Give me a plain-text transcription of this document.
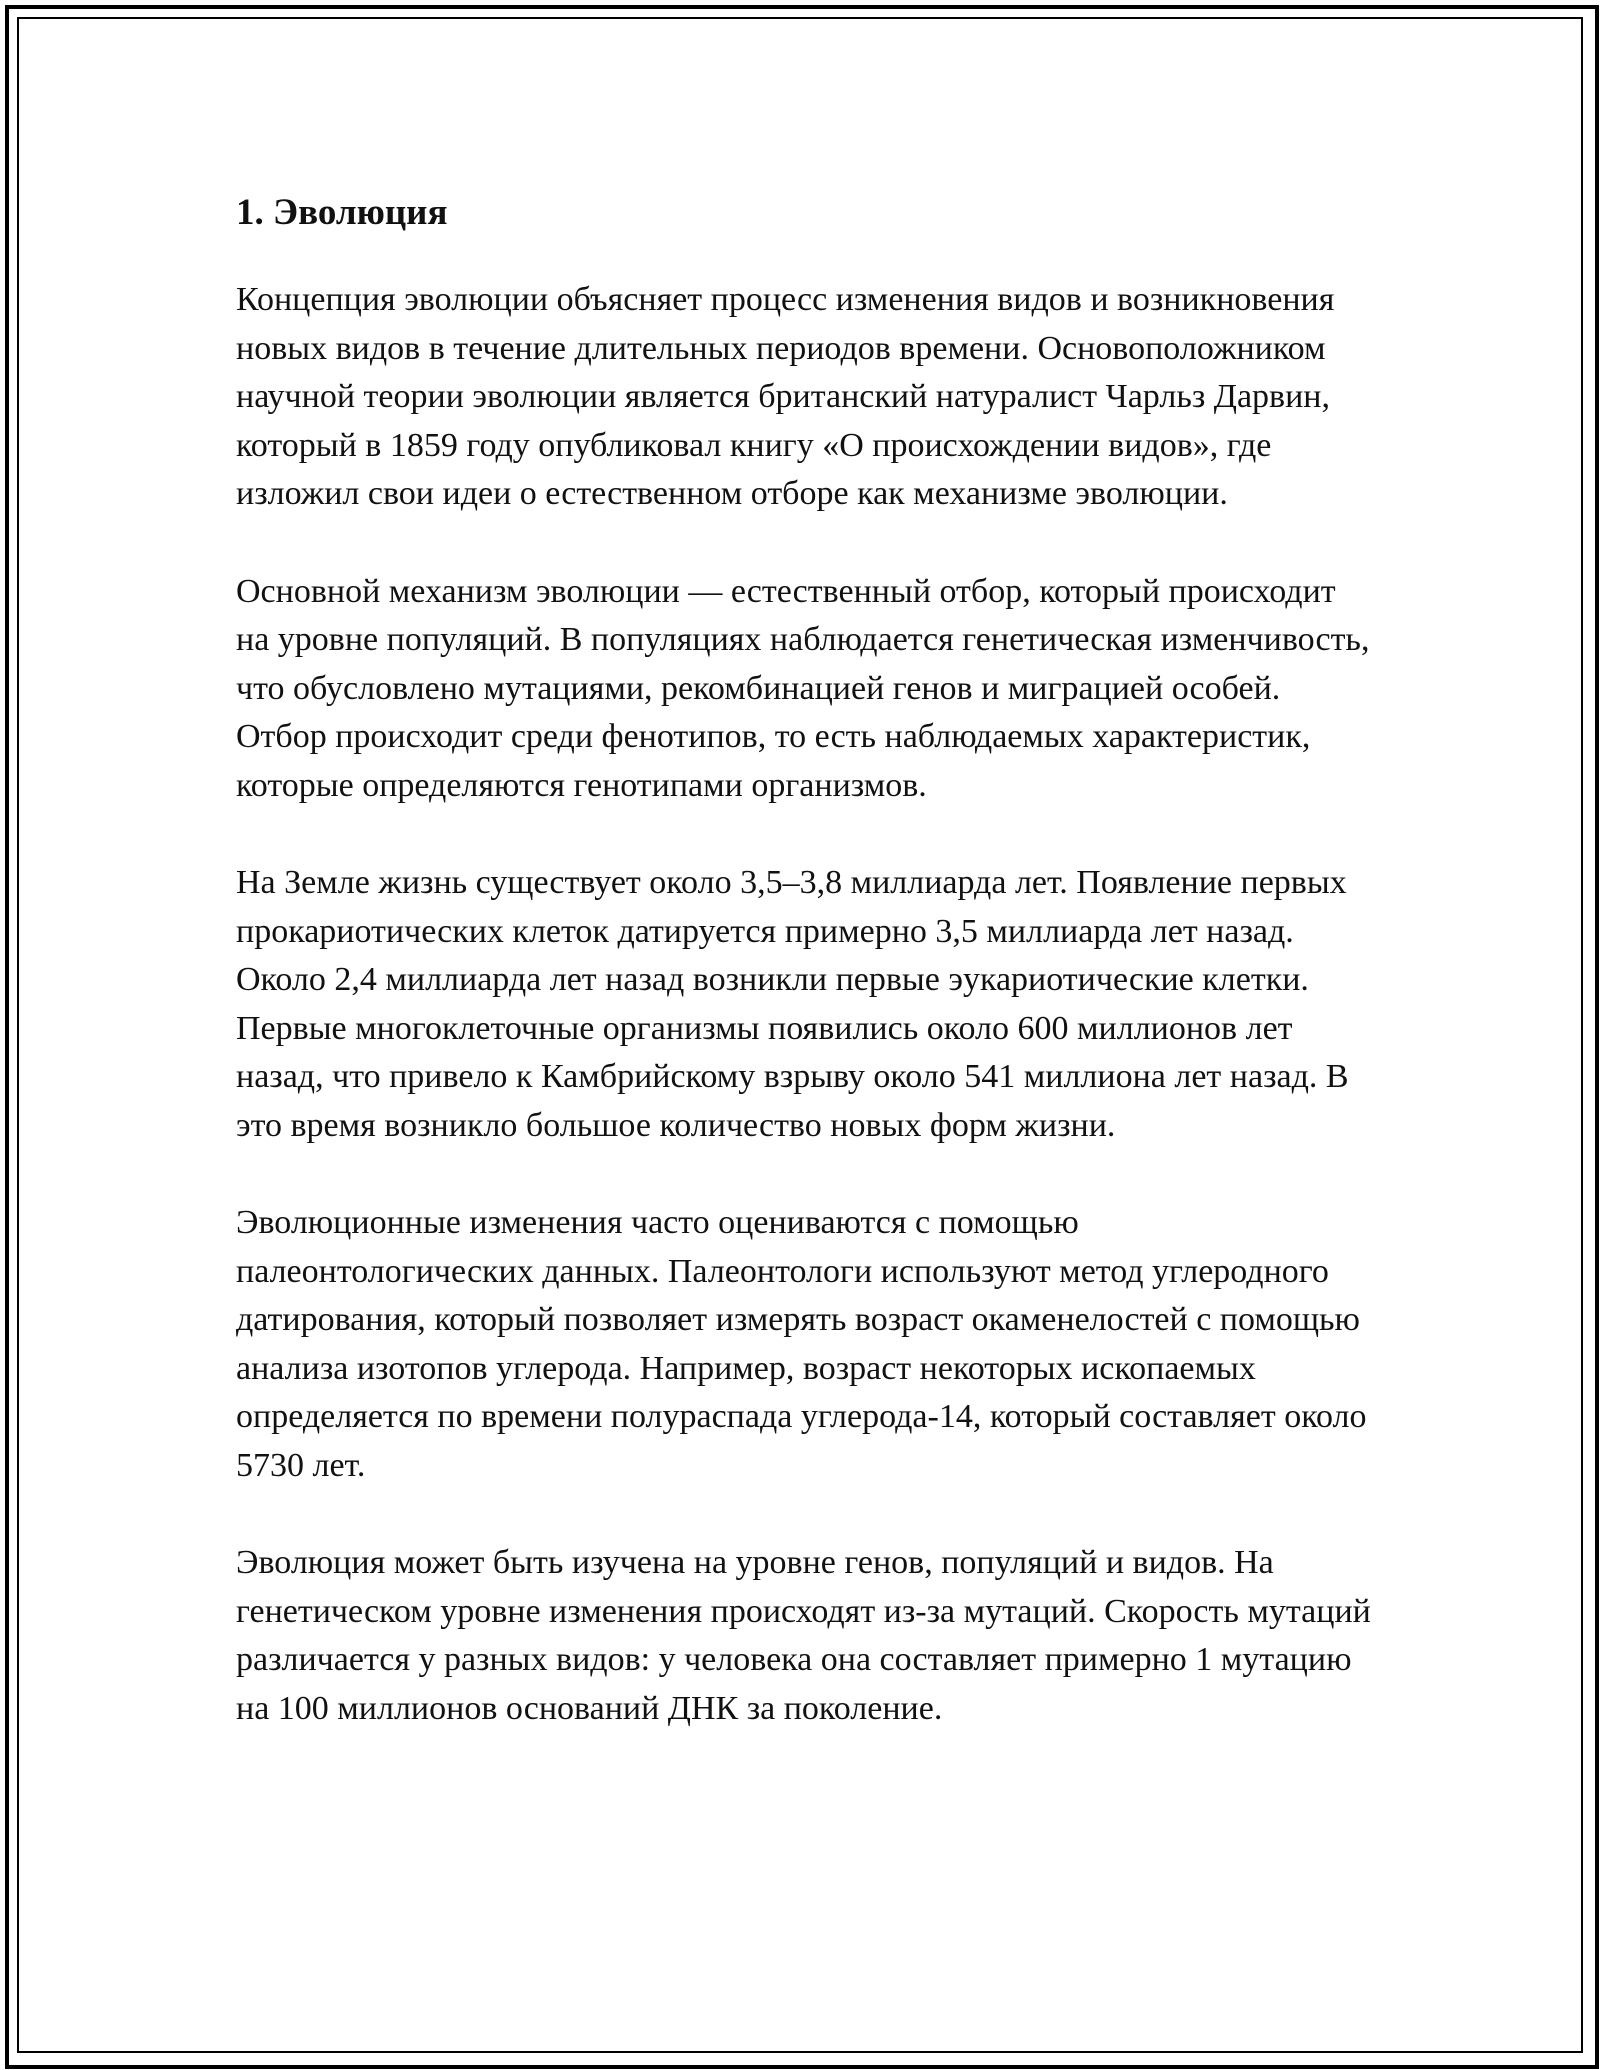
1. Эволюция

Концепция эволюции объясняет процесс изменения видов и возникновения новых видов в течение длительных периодов времени. Основоположником научной теории эволюции является британский натуралист Чарльз Дарвин, который в 1859 году опубликовал книгу «О происхождении видов», где изложил свои идеи о естественном отборе как механизме эволюции.

Основной механизм эволюции — естественный отбор, который происходит на уровне популяций. В популяциях наблюдается генетическая изменчивость, что обусловлено мутациями, рекомбинацией генов и миграцией особей. Отбор происходит среди фенотипов, то есть наблюдаемых характеристик, которые определяются генотипами организмов.

На Земле жизнь существует около 3,5–3,8 миллиарда лет. Появление первых прокариотических клеток датируется примерно 3,5 миллиарда лет назад. Около 2,4 миллиарда лет назад возникли первые эукариотические клетки. Первые многоклеточные организмы появились около 600 миллионов лет назад, что привело к Камбрийскому взрыву около 541 миллиона лет назад. В это время возникло большое количество новых форм жизни.

Эволюционные изменения часто оцениваются с помощью палеонтологических данных. Палеонтологи используют метод углеродного датирования, который позволяет измерять возраст окаменелостей с помощью анализа изотопов углерода. Например, возраст некоторых ископаемых определяется по времени полураспада углерода-14, который составляет около 5730 лет.

Эволюция может быть изучена на уровне генов, популяций и видов. На генетическом уровне изменения происходят из-за мутаций. Скорость мутаций различается у разных видов: у человека она составляет примерно 1 мутацию на 100 миллионов оснований ДНК за поколение.
